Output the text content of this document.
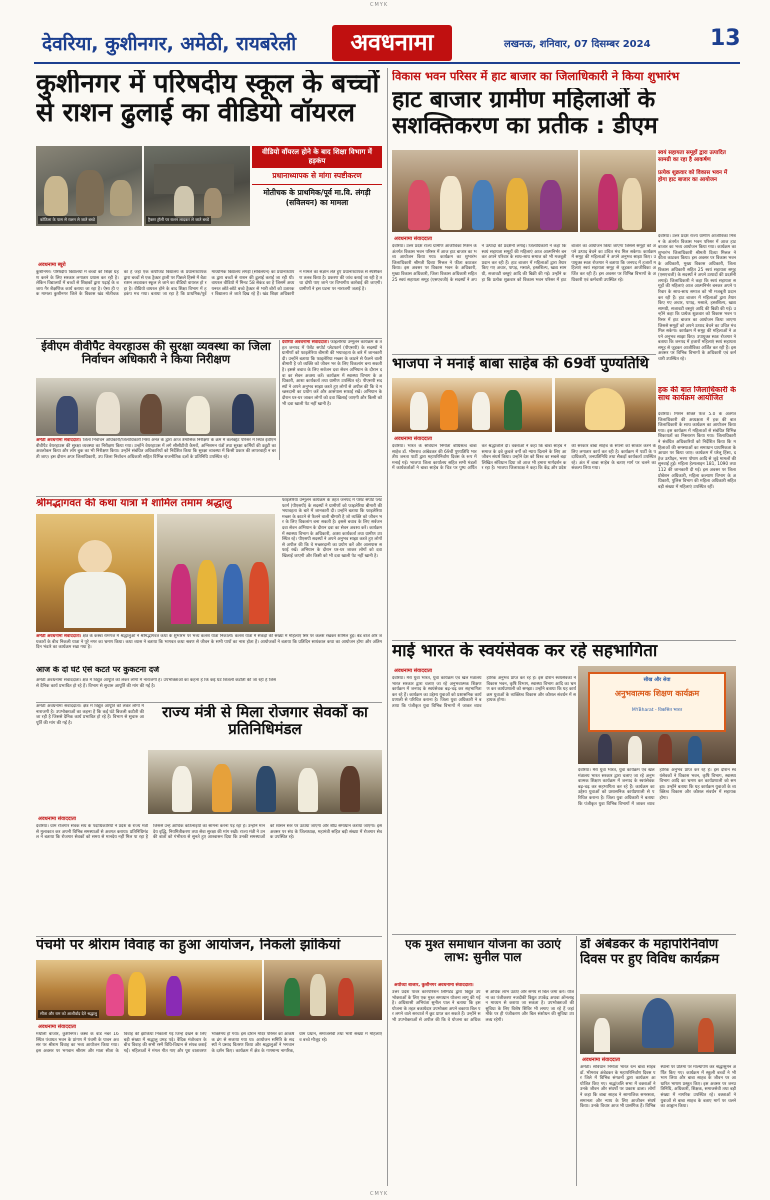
CMYK
CMYK
देवरिया, कुशीनगर, अमेठी, रायबरेली	अवधनामा	लखनऊ, शनिवार, 07 दिसम्बर 2024	13
कुशीनगर में परिषदीय स्कूल के बच्चों से राशन ढुलाई का वीडियो वॉयरल
कोठिला के पास से राशन ले जाते बच्चे	ट्रैक्टर ट्रॉली पर राशन लादकर ले जाते बच्चे
वीडियो वॉयरल होने के बाद शिक्षा विभाग में हड़कंप
प्रधानाध्यापक से मांगा स्पष्टीकरण
मोतीचक के प्राथमिक/पूर्व मा.वि. लंगड़ी (सविलयन) का मामला
अवधनामा ब्यूरो
कुशीनगर। परिषदीय विद्यालयों में बच्चों को शिक्षा ग्रहण करने के लिए सरकार लगातार प्रयास कर रही है। लेकिन विद्यालयों में बच्चों से शिक्षकों द्वारा पढ़ाई के बजाय गैर शैक्षणिक कार्य कराया जा रहा है। ऐसा ही एक मामला कुशीनगर जिले के विकास खंड मोतीचक का है जहां एक कंपोजिट विद्यालय के प्रधानाध्यापक द्वारा बच्चों से एक ट्रैक्टर ट्राली पर पिछले हिस्से में बैठा राशन लदवाकर स्कूल ले जाने का वीडियो वायरल हो रहा है। वीडियो वायरल होने के बाद शिक्षा विभाग में हड़कंप मच गया। बताया जा रहा है कि प्राथमिक/पूर्व माध्यमिक विद्यालय लंगड़ी (सविलयन) का प्रधानाध्यापक द्वारा बच्चों से राशन की ढुलाई कराई जा रही थी। वायरल वीडियो में मिनट 58 सेकंड का है जिसमें अध्ययनरत छोटे-छोटे बच्चे ट्रैक्टर से भारी बोरों को उतारकर विद्यालय ले जाते दिख रहे हैं। खंड शिक्षा अधिकारी ने मामले का संज्ञान लेते हुए प्रधानाध्यापक से स्पष्टीकरण तलब किया है। प्रकरण की जांच कराई जा रही है तथा दोषी पाए जाने पर विभागीय कार्रवाई की जाएगी। ग्रामीणों ने इस घटना पर नाराजगी जताई है।
ईवीएम वीवीपैट वेयरहाउस की सुरक्षा व्यवस्था का जिला निर्वाचन अधिकारी ने किया निरीक्षण
अमेठी अवधनामा संवाददाता। जिला निर्वाचन अधिकारी/जिलाधिकारी निशा अनंत के द्वारा आज त्रैमासिक निरीक्षण के क्रम में कलेक्ट्रेट परिसर में स्थित ईवीएम वीवीपैट वेयरहाउस की सुरक्षा व्यवस्था का निरीक्षण किया गया। उन्होंने वेयरहाउस में लगे सीसीटीवी कैमरों, अग्निशमन यंत्रों तथा सुरक्षा कर्मियों की ड्यूटी का अवलोकन किया और लॉग बुक का भी निरीक्षण किया। उन्होंने संबंधित अधिकारियों को निर्देशित किया कि सुरक्षा व्यवस्था में किसी प्रकार की लापरवाही न बरती जाए। इस दौरान अपर जिलाधिकारी, उप जिला निर्वाचन अधिकारी सहित विभिन्न राजनीतिक दलों के प्रतिनिधि उपस्थित रहे।
देवरिया अवधनामा संवाददाता। फाइलेरिया उन्मूलन कार्यक्रम के तहत जनपद में पेशेंट सपोर्ट प्लेटफार्म (पीएसपी) के सदस्यों ने ग्रामीणों को फाइलेरिया बीमारी की भयावहता के बारे में जानकारी दी। उन्होंने बताया कि फाइलेरिया मच्छर के काटने से फैलने वाली बीमारी है जो व्यक्ति को जीवन भर के लिए विकलांग बना सकती है। इससे बचाव के लिए सर्वजन दवा सेवन अभियान के दौरान दवा का सेवन अवश्य करें। कार्यक्रम में स्वास्थ्य विभाग के अधिकारी, आशा कार्यकर्ता तथा ग्रामीण उपस्थित रहे। पीएसपी सदस्यों ने अपने अनुभव साझा करते हुए लोगों से अपील की कि वे मच्छरदानी का प्रयोग करें और आसपास सफाई रखें। अभियान के दौरान घर-घर जाकर लोगों को दवा खिलाई जाएगी और किसी को भी दवा खाली पेट नहीं खानी है।
श्रीमद्भागवत की कथा यात्रा में शामिल तमाम श्रद्धालु
अमेठी अवधनामा संवाददाता। क्षेत्र के कस्बा रामगंज में श्रद्धालुओं ने श्रीमद्भागवत कथा के शुभारंभ पर भव्य कलश यात्रा निकाली। कलश यात्रा में सैकड़ों की संख्या में महिलाएं सिर पर कलश रखकर शामिल हुईं। बैंड बाजे और जयकारों के बीच निकली यात्रा ने पूरे नगर का भ्रमण किया। कथा व्यास ने बताया कि भागवत कथा श्रवण से जीवन के सभी पापों का नाश होता है। आयोजकों ने बताया कि प्रतिदिन सायंकाल कथा का आयोजन होगा और अंतिम दिन भंडारे का कार्यक्रम रखा गया है।
आज के दो घंटे ऐसे कटते पर कुकटना दर्ज
अमेठी अवधनामा संवाददाता। क्षेत्र में विद्युत आपूर्ति को लेकर लोगों में नाराजगी है। उपभोक्ताओं का कहना है कि कई घंटे बिजली कटौती की जा रही है जिससे दैनिक कार्य प्रभावित हो रहे हैं। विभाग से सुचारु आपूर्ति की मांग की गई है।
फाइलेरिया उन्मूलन कार्यक्रम के तहत जनपद में पेशेंट सपोर्ट प्लेटफार्म (पीएसपी) के सदस्यों ने ग्रामीणों को फाइलेरिया बीमारी की भयावहता के बारे में जानकारी दी। उन्होंने बताया कि फाइलेरिया मच्छर के काटने से फैलने वाली बीमारी है जो व्यक्ति को जीवन भर के लिए विकलांग बना सकती है। इससे बचाव के लिए सर्वजन दवा सेवन अभियान के दौरान दवा का सेवन अवश्य करें। कार्यक्रम में स्वास्थ्य विभाग के अधिकारी, आशा कार्यकर्ता तथा ग्रामीण उपस्थित रहे। पीएसपी सदस्यों ने अपने अनुभव साझा करते हुए लोगों से अपील की कि वे मच्छरदानी का प्रयोग करें और आसपास सफाई रखें। अभियान के दौरान घर-घर जाकर लोगों को दवा खिलाई जाएगी और किसी को भी दवा खाली पेट नहीं खानी है।
पंचमी पर श्रीराम विवाह का हुआ आयोजन, निकली झांकियां
सीता और राम को आशीर्वाद देते श्रद्धालु
अवधनामा संवाददाता
मथौली बाजार, कुशीनगर। कस्बे के वार्ड नंबर 16 स्थित पंचायत भवन के प्रांगण में पंचमी के पावन अवसर पर श्रीराम विवाह का भव्य आयोजन किया गया। इस अवसर पर भगवान श्रीराम और माता सीता के विवाह की झांकियां निकाली गईं जिन्हें देखने के लिए बड़ी संख्या में श्रद्धालु उमड़ पड़े। वैदिक मंत्रोच्चार के बीच विवाह की सभी रस्में विधि-विधान से संपन्न कराई गईं। महिलाओं ने मंगल गीत गाए और पूरा वातावरण भक्तिमय हो गया। इस दौरान मंदिर परिसर को आकर्षक ढंग से सजाया गया था। आयोजन समिति के सदस्यों ने प्रसाद वितरण किया और श्रद्धालुओं ने भगवान के दर्शन किए। कार्यक्रम में क्षेत्र के गणमान्य नागरिक, ग्राम प्रधान, समाजसेवी तथा भारी संख्या में महिलाएं व बच्चे मौजूद रहे।
राज्य मंत्री से मिला रोजगार सेवकों का प्रतिनिधिमंडल
अमेठी अवधनामा संवाददाता। क्षेत्र में विद्युत आपूर्ति को लेकर लोगों में नाराजगी है। उपभोक्ताओं का कहना है कि कई घंटे बिजली कटौती की जा रही है जिससे दैनिक कार्य प्रभावित हो रहे हैं। विभाग से सुचारु आपूर्ति की मांग की गई है।
अवधनामा संवाददाता
देवरिया। ग्राम रोजगार सेवक संघ के पदाधिकारियों ने प्रदेश के राज्य मंत्री से मुलाकात कर अपनी विभिन्न समस्याओं से अवगत कराया। प्रतिनिधिमंडल ने बताया कि रोजगार सेवकों को समय से मानदेय नहीं मिल पा रहा है जिससे उन्हें आर्थिक कठिनाइयों का सामना करना पड़ रहा है। उन्होंने मानदेय वृद्धि, नियमितीकरण तथा सेवा सुरक्षा की मांग रखी। राज्य मंत्री ने उनकी बातों को गंभीरता से सुनते हुए आश्वासन दिया कि उनकी समस्याओं को शासन स्तर पर उठाया जाएगा और शीघ्र समाधान कराया जाएगा। इस अवसर पर संघ के जिलाध्यक्ष, महामंत्री सहित बड़ी संख्या में रोजगार सेवक उपस्थित रहे।
विकास भवन परिसर में हाट बाजार का जिलाधिकारी ने किया शुभारंभ
हाट बाजार ग्रामीण महिलाओं के सशक्तिकरण का प्रतीक : डीएम
स्वयं सहायता समूहों द्वारा उत्पादित सामग्री का रहा है आकर्षण
प्रत्येक शुक्रवार को विकास भवन में होगा हाट बाजार का आयोजन
अवधनामा संवाददाता
देवरिया। उत्तर प्रदेश राज्य ग्रामीण आजीविका मिशन के अंतर्गत विकास भवन परिसर में आज हाट बाजार का भव्य आयोजन किया गया। कार्यक्रम का शुभारंभ जिलाधिकारी श्रीमती दिव्या मित्तल ने फीता काटकर किया। इस अवसर पर विकास भवन के अधिकारी, मुख्य विकास अधिकारी, जिला विकास अधिकारी सहित 25 स्वयं सहायता समूह (एसएचजी) के सदस्यों ने अपने उत्पादों की प्रदर्शनी लगाई। जिलाधिकारी ने कहा कि स्वयं सहायता समूहों की महिलाएं आज आत्मनिर्भर बनकर अपने परिवार के साथ-साथ समाज को भी मजबूती प्रदान कर रही हैं। हाट बाजार में महिलाओं द्वारा तैयार किए गए अचार, पापड़, मसाले, हस्तशिल्प, खाद्य सामग्री, सजावटी वस्तुएं आदि की बिक्री की गई। उन्होंने कहा कि प्रत्येक शुक्रवार को विकास भवन परिसर में हाट बाजार का आयोजन किया जाएगा जिससे समूहों को अपने उत्पाद बेचने का उचित मंच मिल सकेगा। कार्यक्रम में समूह की महिलाओं ने अपने अनुभव साझा किए। उपायुक्त स्वतः रोजगार ने बताया कि जनपद में हजारों महिलाएं स्वयं सहायता समूह से जुड़कर आजीविका अर्जित कर रही हैं। इस अवसर पर विभिन्न विभागों के अधिकारी एवं कर्मचारी उपस्थित रहे।
देवरिया। उत्तर प्रदेश राज्य ग्रामीण आजीविका मिशन के अंतर्गत विकास भवन परिसर में आज हाट बाजार का भव्य आयोजन किया गया। कार्यक्रम का शुभारंभ जिलाधिकारी श्रीमती दिव्या मित्तल ने फीता काटकर किया। इस अवसर पर विकास भवन के अधिकारी, मुख्य विकास अधिकारी, जिला विकास अधिकारी सहित 25 स्वयं सहायता समूह (एसएचजी) के सदस्यों ने अपने उत्पादों की प्रदर्शनी लगाई। जिलाधिकारी ने कहा कि स्वयं सहायता समूहों की महिलाएं आज आत्मनिर्भर बनकर अपने परिवार के साथ-साथ समाज को भी मजबूती प्रदान कर रही हैं। हाट बाजार में महिलाओं द्वारा तैयार किए गए अचार, पापड़, मसाले, हस्तशिल्प, खाद्य सामग्री, सजावटी वस्तुएं आदि की बिक्री की गई। उन्होंने कहा कि प्रत्येक शुक्रवार को विकास भवन परिसर में हाट बाजार का आयोजन किया जाएगा जिससे समूहों को अपने उत्पाद बेचने का उचित मंच मिल सकेगा। कार्यक्रम में समूह की महिलाओं ने अपने अनुभव साझा किए। उपायुक्त स्वतः रोजगार ने बताया कि जनपद में हजारों महिलाएं स्वयं सहायता समूह से जुड़कर आजीविका अर्जित कर रही हैं। इस अवसर पर विभिन्न विभागों के अधिकारी एवं कर्मचारी उपस्थित रहे।
हक की बात जिलाधिकारी के साथ कार्यक्रम आयोजित
देवरिया। मिशन शक्ति फेज 5.0 के अंतर्गत जिलाधिकारी की अध्यक्षता में हक की बात जिलाधिकारी के साथ कार्यक्रम का आयोजन किया गया। इस कार्यक्रम में महिलाओं से संबंधित विभिन्न शिकायतों का निस्तारण किया गया। जिलाधिकारी ने संबंधित अधिकारियों को निर्देशित किया कि महिलाओं की समस्याओं का समाधान प्राथमिकता के आधार पर किया जाए। कार्यक्रम में घरेलू हिंसा, दहेज उत्पीड़न, भरण पोषण आदि से जुड़े मामलों की सुनवाई हुई। महिला हेल्पलाइन 181, 1090 तथा 112 की जानकारी दी गई। इस अवसर पर जिला प्रोबेशन अधिकारी, महिला कल्याण विभाग के अधिकारी, पुलिस विभाग की महिला अधिकारी सहित बड़ी संख्या में महिलाएं उपस्थित रहीं।
भाजपा ने मनाई बाबा साहेब की 69वीं पुण्यतिथि
अवधनामा संवाददाता
देवरिया। भारत के संविधान निर्माता बोधिसत्व बाबा साहेब डॉ. भीमराव आंबेडकर की 69वीं पुण्यतिथि भारतीय जनता पार्टी द्वारा महापरिनिर्वाण दिवस के रूप में मनाई गई। भाजपा जिला कार्यालय सहित सभी मंडलों में कार्यकर्ताओं ने बाबा साहेब के चित्र पर पुष्प अर्पित कर श्रद्धांजलि दी। वक्ताओं ने कहा कि बाबा साहेब ने समाज के दबे कुचले वर्गों को न्याय दिलाने के लिए आजीवन संघर्ष किया। उन्होंने देश को विश्व का सबसे बड़ा लिखित संविधान दिया जो आज भी हमारा मार्गदर्शन कर रहा है। भाजपा जिलाध्यक्ष ने कहा कि केंद्र और प्रदेश की सरकार बाबा साहेब के सपनों को साकार करने के लिए लगातार कार्य कर रही है। कार्यक्रम में पार्टी के पदाधिकारी, जनप्रतिनिधि तथा सैकड़ों कार्यकर्ता उपस्थित रहे। अंत में बाबा साहेब के बताए मार्ग पर चलने का संकल्प लिया गया।
माई भारत के स्वयंसेवक कर रहे सहभागिता
अवधनामा संवाददाता
देवरिया। मेरा युवा भारत, युवा कार्यक्रम एवं खेल मंत्रालय भारत सरकार द्वारा चलाए जा रहे अनुभवात्मक शिक्षण कार्यक्रम में जनपद के स्वयंसेवक बढ़-चढ़ कर सहभागिता कर रहे हैं। कार्यक्रम का उद्देश्य युवाओं को प्रशासनिक कार्यप्रणाली से परिचित कराना है। जिला युवा अधिकारी ने बताया कि पंजीकृत युवा विभिन्न विभागों में जाकर व्यावहारिक अनुभव प्राप्त कर रहे हैं। इस दौरान स्वयंसेवकों ने विकास भवन, कृषि विभाग, स्वास्थ्य विभाग आदि का भ्रमण कर कार्यप्रणाली को समझा। उन्होंने बताया कि यह कार्यक्रम युवाओं के व्यक्तित्व विकास और कौशल संवर्धन में सहायक होगा।
सीख और सेवा
अनुभवात्मक शिक्षण कार्यक्रम
MYBharat - विकसित भारत
देवरिया। मेरा युवा भारत, युवा कार्यक्रम एवं खेल मंत्रालय भारत सरकार द्वारा चलाए जा रहे अनुभवात्मक शिक्षण कार्यक्रम में जनपद के स्वयंसेवक बढ़-चढ़ कर सहभागिता कर रहे हैं। कार्यक्रम का उद्देश्य युवाओं को प्रशासनिक कार्यप्रणाली से परिचित कराना है। जिला युवा अधिकारी ने बताया कि पंजीकृत युवा विभिन्न विभागों में जाकर व्यावहारिक अनुभव प्राप्त कर रहे हैं। इस दौरान स्वयंसेवकों ने विकास भवन, कृषि विभाग, स्वास्थ्य विभाग आदि का भ्रमण कर कार्यप्रणाली को समझा। उन्होंने बताया कि यह कार्यक्रम युवाओं के व्यक्तित्व विकास और कौशल संवर्धन में सहायक होगा।
एक मुश्त समाधान योजना का उठाएं लाभ: सुनील पाल
अयोध्या बाजार, कुशीनगर अवधनामा संवाददाता।
उत्तर प्रदेश पावर कॉरपोरेशन लिमिटेड द्वारा विद्युत उपभोक्ताओं के लिए एक मुश्त समाधान योजना लागू की गई है। अधिशासी अभियंता सुनील पाल ने बताया कि इस योजना के तहत बकायेदार उपभोक्ता अपने बकाया बिल पर लगने वाले सरचार्ज में छूट प्राप्त कर सकते हैं। उन्होंने सभी उपभोक्ताओं से अपील की कि वे योजना का अधिक से अधिक लाभ उठाएं और समय से बिल जमा करें। योजना का पंजीकरण नजदीकी विद्युत उपकेंद्र अथवा ऑनलाइन माध्यम से कराया जा सकता है। उपभोक्ताओं की सुविधा के लिए विशेष शिविर भी लगाए जा रहे हैं जहां मौके पर ही पंजीकरण और बिल संशोधन की सुविधा उपलब्ध रहेगी।
डॉ अंबेडकर के महापरिनिर्वाण दिवस पर हुए विविध कार्यक्रम
अवधनामा संवाददाता
अमेठी। संविधान निर्माता भारत रत्न बाबा साहब डॉ. भीमराव अंबेडकर के महापरिनिर्वाण दिवस पर जिले में विभिन्न संगठनों द्वारा कार्यक्रम आयोजित किए गए। श्रद्धांजलि सभा में वक्ताओं ने उनके जीवन और संघर्षों पर प्रकाश डाला। लोगों ने कहा कि बाबा साहब ने सामाजिक समरसता, समानता और न्याय के लिए आजीवन संघर्ष किया। उनके विचार आज भी प्रासंगिक हैं। विभिन्न स्थानों पर प्रतिमा पर माल्यार्पण कर श्रद्धासुमन अर्पित किए गए। कार्यक्रम में स्कूली बच्चों ने भी भाग लिया और बाबा साहब के जीवन पर आधारित भाषण प्रस्तुत किए। इस अवसर पर जनप्रतिनिधि, अधिकारी, शिक्षक, समाजसेवी तथा बड़ी संख्या में नागरिक उपस्थित रहे। वक्ताओं ने युवाओं से बाबा साहब के बताए मार्ग पर चलने का आह्वान किया।
